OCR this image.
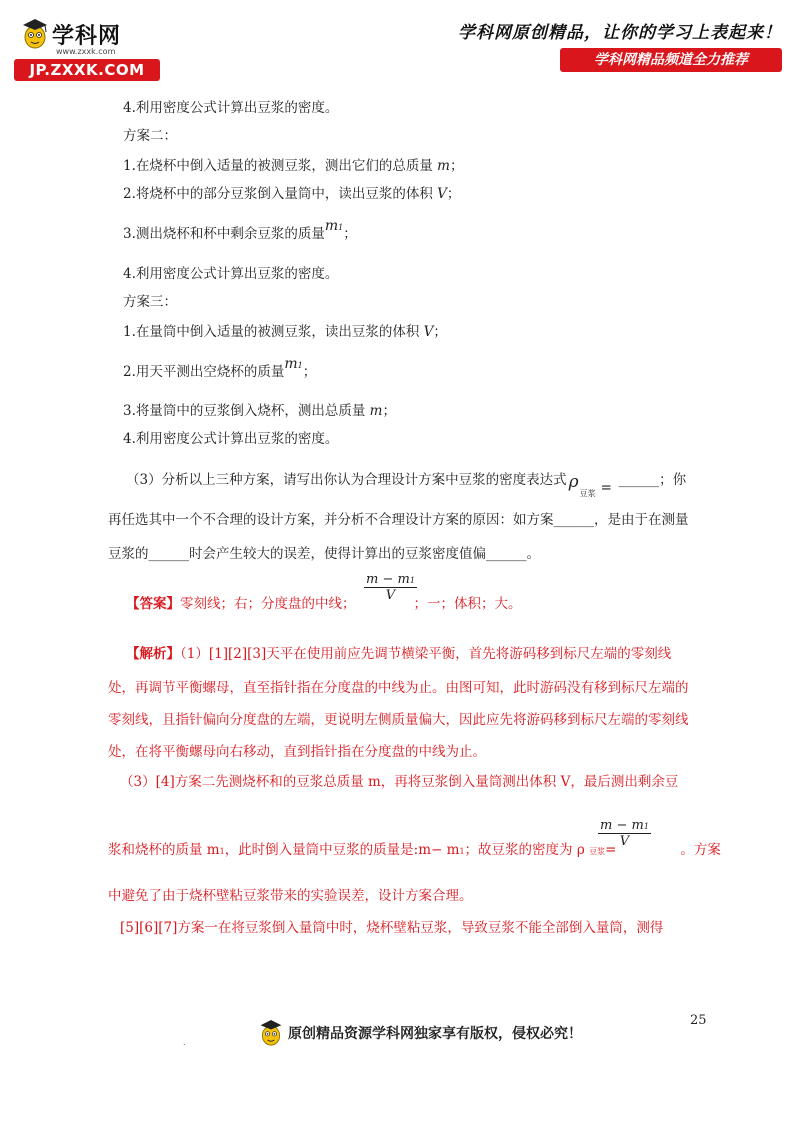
学科网
www.zxxk.com
JP.ZXXK.COM
学科网原创精品，让你的学习上表起来！
学科网精品频道全力推荐
4.利用密度公式计算出豆浆的密度。
方案二：
1.在烧杯中倒入适量的被测豆浆，测出它们的总质量 m；
2.将烧杯中的部分豆浆倒入量筒中，读出豆浆的体积 V；
3.测出烧杯和杯中剩余豆浆的质量m1；
4.利用密度公式计算出豆浆的密度。
方案三：
1.在量筒中倒入适量的被测豆浆，读出豆浆的体积 V；
2.用天平测出空烧杯的质量m1；
3.将量筒中的豆浆倒入烧杯，测出总质量 m；
4.利用密度公式计算出豆浆的密度。
（3）分析以上三种方案，请写出你认为合理设计方案中豆浆的密度表达式 ρ
豆浆 = ______；你
再任选其中一个不合理的设计方案，并分析不合理设计方案的原因：如方案______，是由于在测量
豆浆的______时会产生较大的误差，使得计算出的豆浆密度值偏______。
【答案】零刻线；右；分度盘的中线；	；一；体积；大。
$\frac{m - m1}{V}$
【解析】（1）[1][2][3]天平在使用前应先调节横梁平衡，首先将游码移到标尺左端的零刻线
处，再调节平衡螺母，直至指针指在分度盘的中线为止。由图可知，此时游码没有移到标尺左端的
零刻线，且指针偏向分度盘的左端，更说明左侧质量偏大，因此应先将游码移到标尺左端的零刻线
处，在将平衡螺母向右移动，直到指针指在分度盘的中线为止。
（3）[4]方案二先测烧杯和的豆浆总质量 m，再将豆浆倒入量筒测出体积 V，最后测出剩余豆
浆和烧杯的质量 m1，此时倒入量筒中豆浆的质量是:m− m1；故豆浆的密度为 ρ 豆浆=	。方案
$\frac{m - m1}{V}$
中避免了由于烧杯壁粘豆浆带来的实验误差，设计方案合理。
[5][6][7]方案一在将豆浆倒入量筒中时，烧杯壁粘豆浆，导致豆浆不能全部倒入量筒，测得
25
.
原创精品资源学科网独家享有版权，侵权必究！
